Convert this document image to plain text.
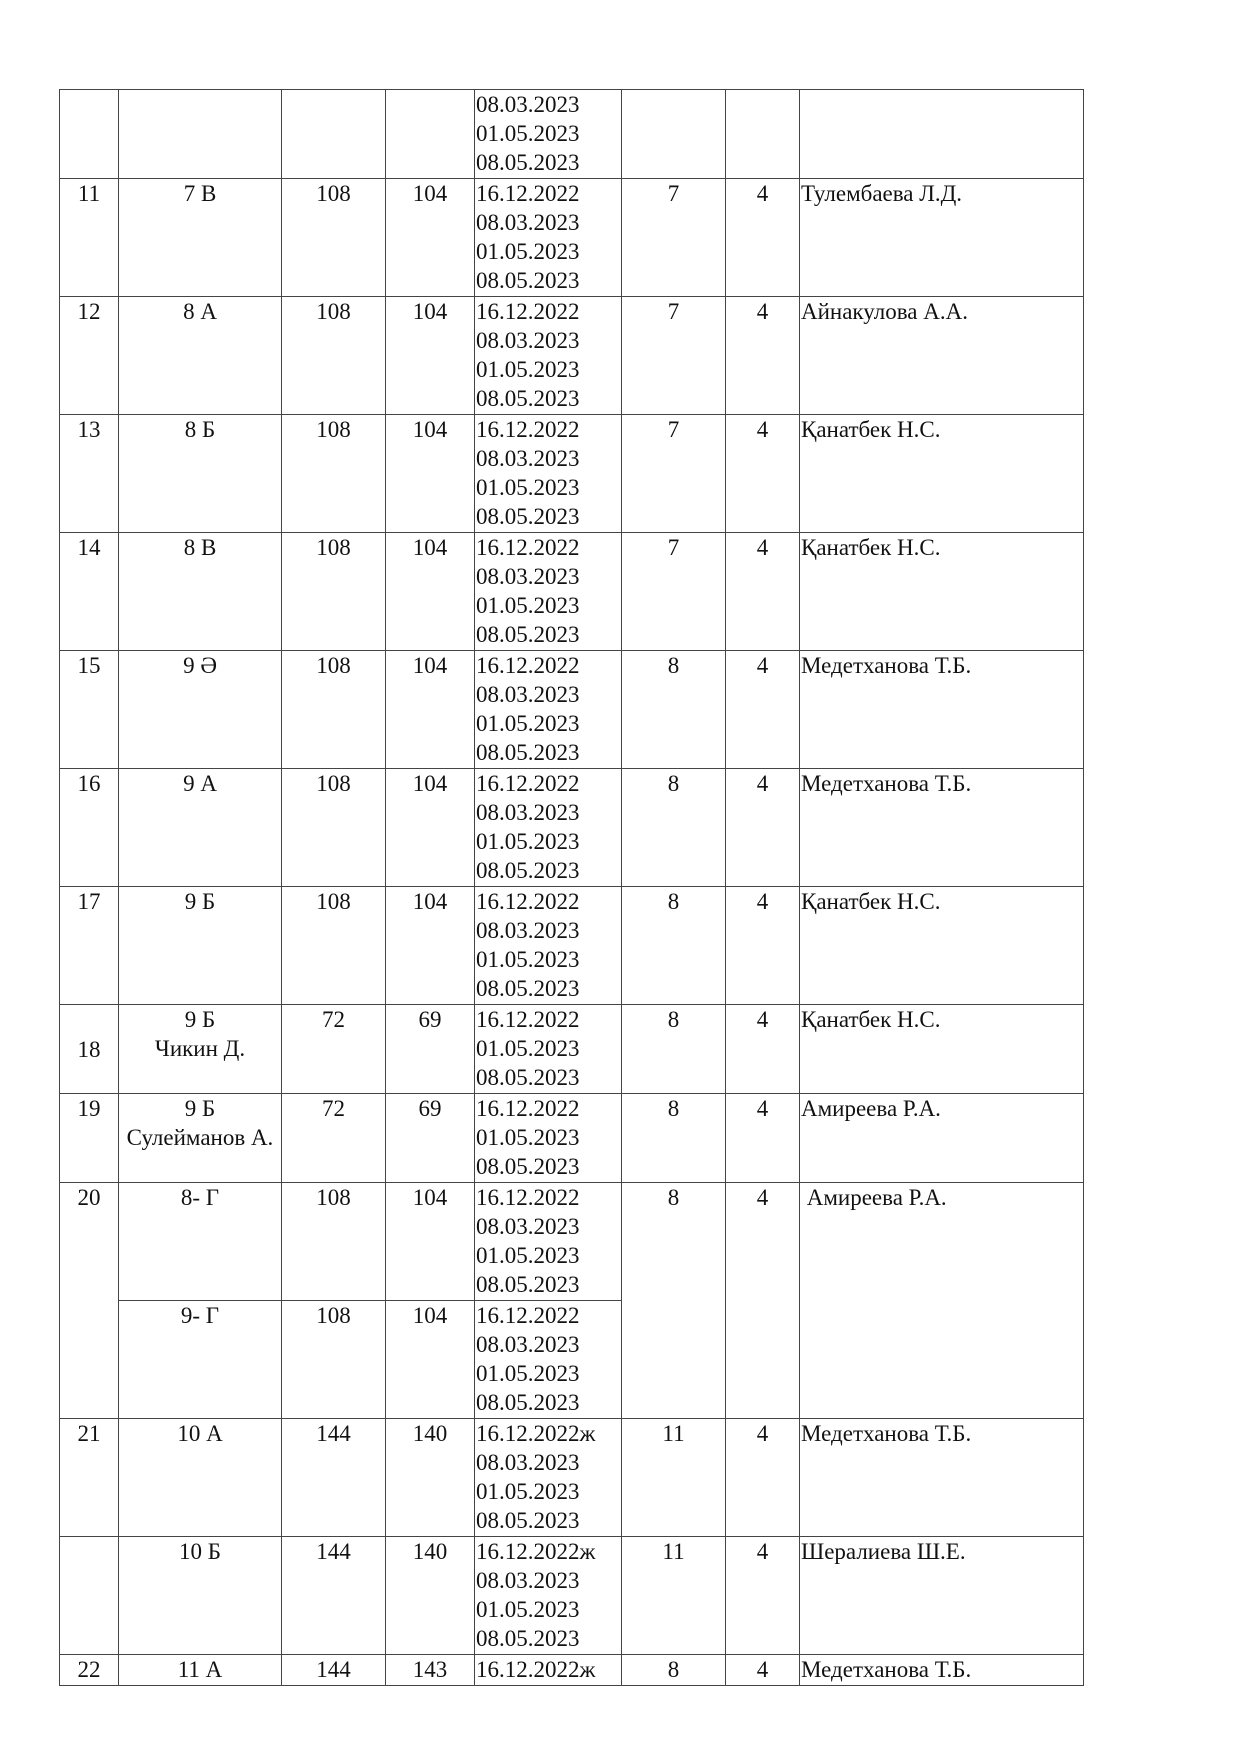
				08.03.2023
01.05.2023
08.05.2023			

11	7 В	108	104	16.12.2022
08.03.2023
01.05.2023
08.05.2023	7	4	Тулембаева Л.Д.
12	8 А	108	104	16.12.2022
08.03.2023
01.05.2023
08.05.2023	7	4	Айнакулова А.А.
13	8 Б	108	104	16.12.2022
08.03.2023
01.05.2023
08.05.2023	7	4	Қанатбек Н.С.
14	8 В	108	104	16.12.2022
08.03.2023
01.05.2023
08.05.2023	7	4	Қанатбек Н.С.
15	9 Ә	108	104	16.12.2022
08.03.2023
01.05.2023
08.05.2023	8	4	Медетханова Т.Б.
16	9 А	108	104	16.12.2022
08.03.2023
01.05.2023
08.05.2023	8	4	Медетханова Т.Б.
17	9 Б	108	104	16.12.2022
08.03.2023
01.05.2023
08.05.2023	8	4	Қанатбек Н.С.
18	9 Б
Чикин Д.	72	69	16.12.2022
01.05.2023
08.05.2023	8	4	Қанатбек Н.С.
19	9 Б
Сулейманов А.	72	69	16.12.2022
01.05.2023
08.05.2023	8	4	Амиреева Р.А.
20	8- Г	108	104	16.12.2022
08.03.2023
01.05.2023
08.05.2023	8	4	Амиреева Р.А.
	9- Г	108	104	16.12.2022
08.03.2023
01.05.2023
08.05.2023			

21	10 А	144	140	16.12.2022ж
08.03.2023
01.05.2023
08.05.2023	11	4	Медетханова Т.Б.

	10 Б	144	140	16.12.2022ж
08.03.2023
01.05.2023
08.05.2023	11	4	Шералиева Ш.Е.
22	11 А	144	143	16.12.2022ж	8	4	Медетханова Т.Б.
